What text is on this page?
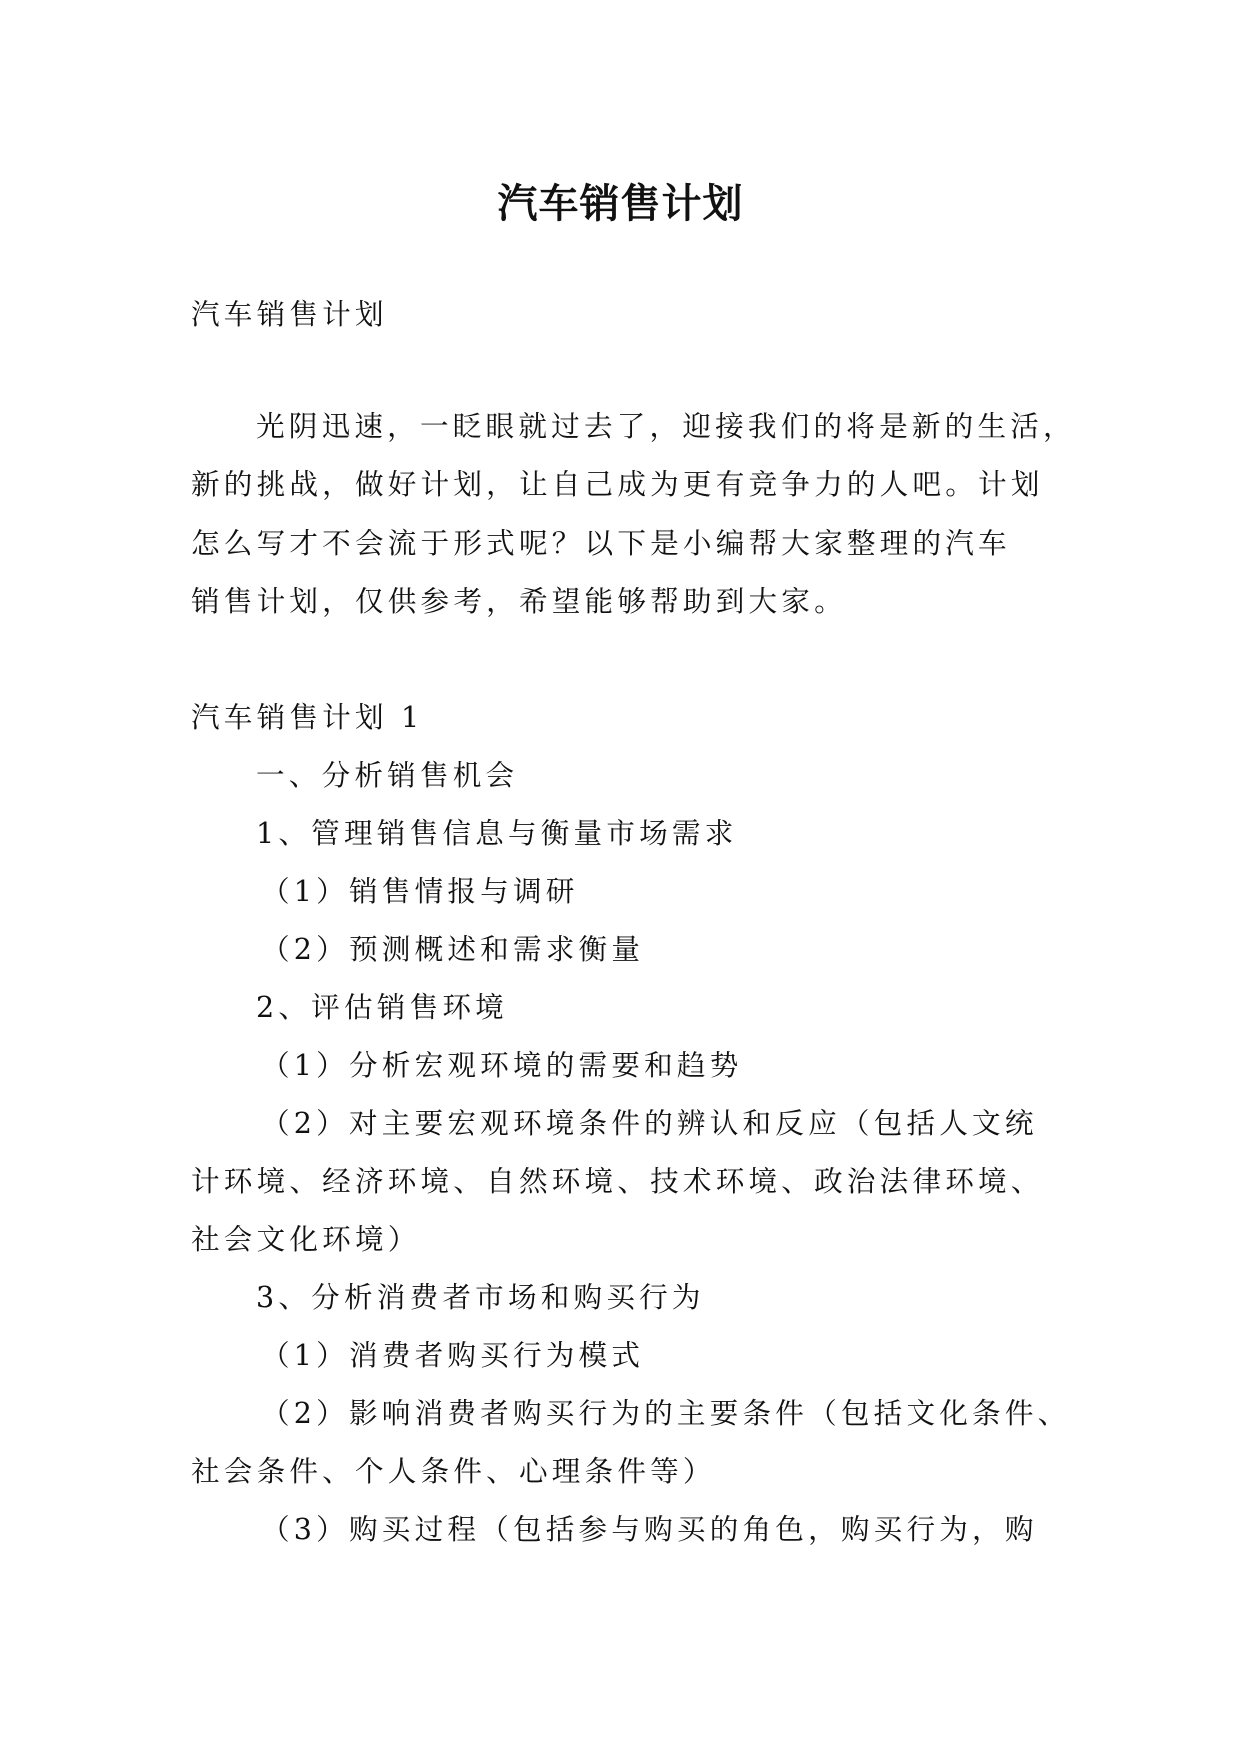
汽车销售计划

汽车销售计划

光阴迅速，一眨眼就过去了，迎接我们的将是新的生活，

新的挑战，做好计划，让自己成为更有竞争力的人吧。计划

怎么写才不会流于形式呢？以下是小编帮大家整理的汽车

销售计划，仅供参考，希望能够帮助到大家。

汽车销售计划 1

一、分析销售机会

1、管理销售信息与衡量市场需求

（1）销售情报与调研

（2）预测概述和需求衡量

2、评估销售环境

（1）分析宏观环境的需要和趋势

（2）对主要宏观环境条件的辨认和反应（包括人文统

计环境、经济环境、自然环境、技术环境、政治法律环境、

社会文化环境）

3、分析消费者市场和购买行为

（1）消费者购买行为模式

（2）影响消费者购买行为的主要条件（包括文化条件、

社会条件、个人条件、心理条件等）

（3）购买过程（包括参与购买的角色，购买行为，购
